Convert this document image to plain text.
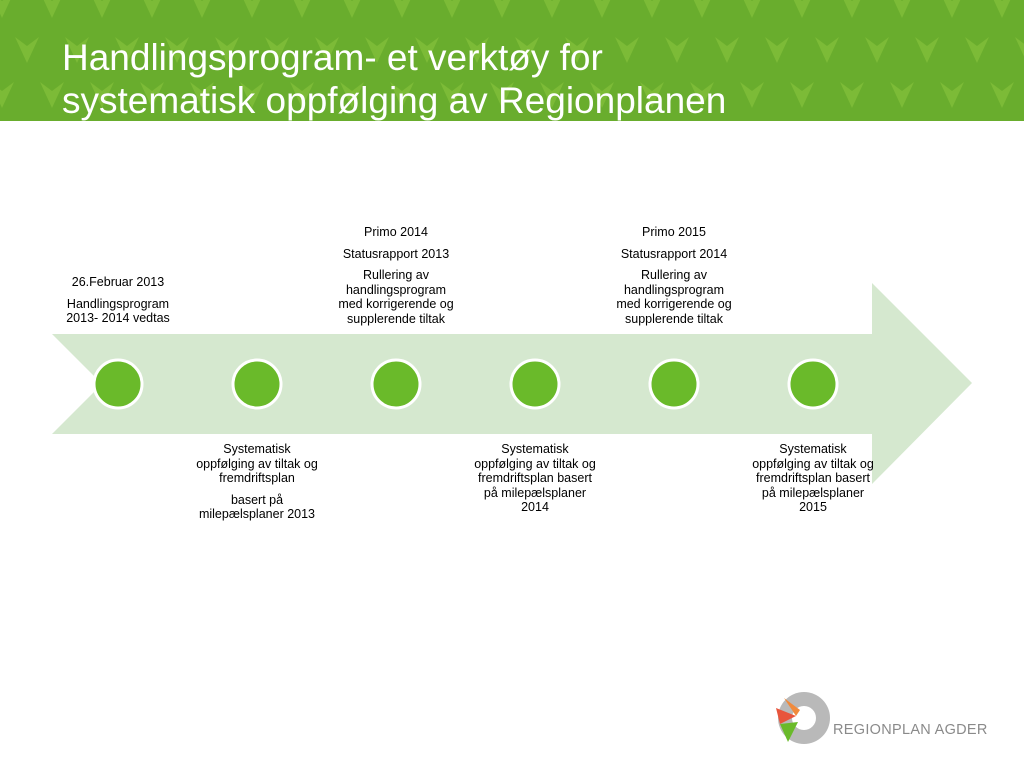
Handlingsprogram- et verktøy for
systematisk oppfølging av Regionplanen

26.Februar 2013

Handlingsprogram 2013- 2014 vedtas

Primo 2014

Statusrapport 2013

Rullering av handlingsprogram med korrigerende og supplerende tiltak

Primo 2015

Statusrapport 2014

Rullering av handlingsprogram med korrigerende og supplerende tiltak

Systematisk oppfølging av tiltak og fremdriftsplan

basert på milepælsplaner 2013

Systematisk oppfølging av tiltak og fremdriftsplan basert på milepælsplaner 2014

Systematisk oppfølging av tiltak og fremdriftsplan basert på milepælsplaner 2015

REGIONPLAN AGDER
